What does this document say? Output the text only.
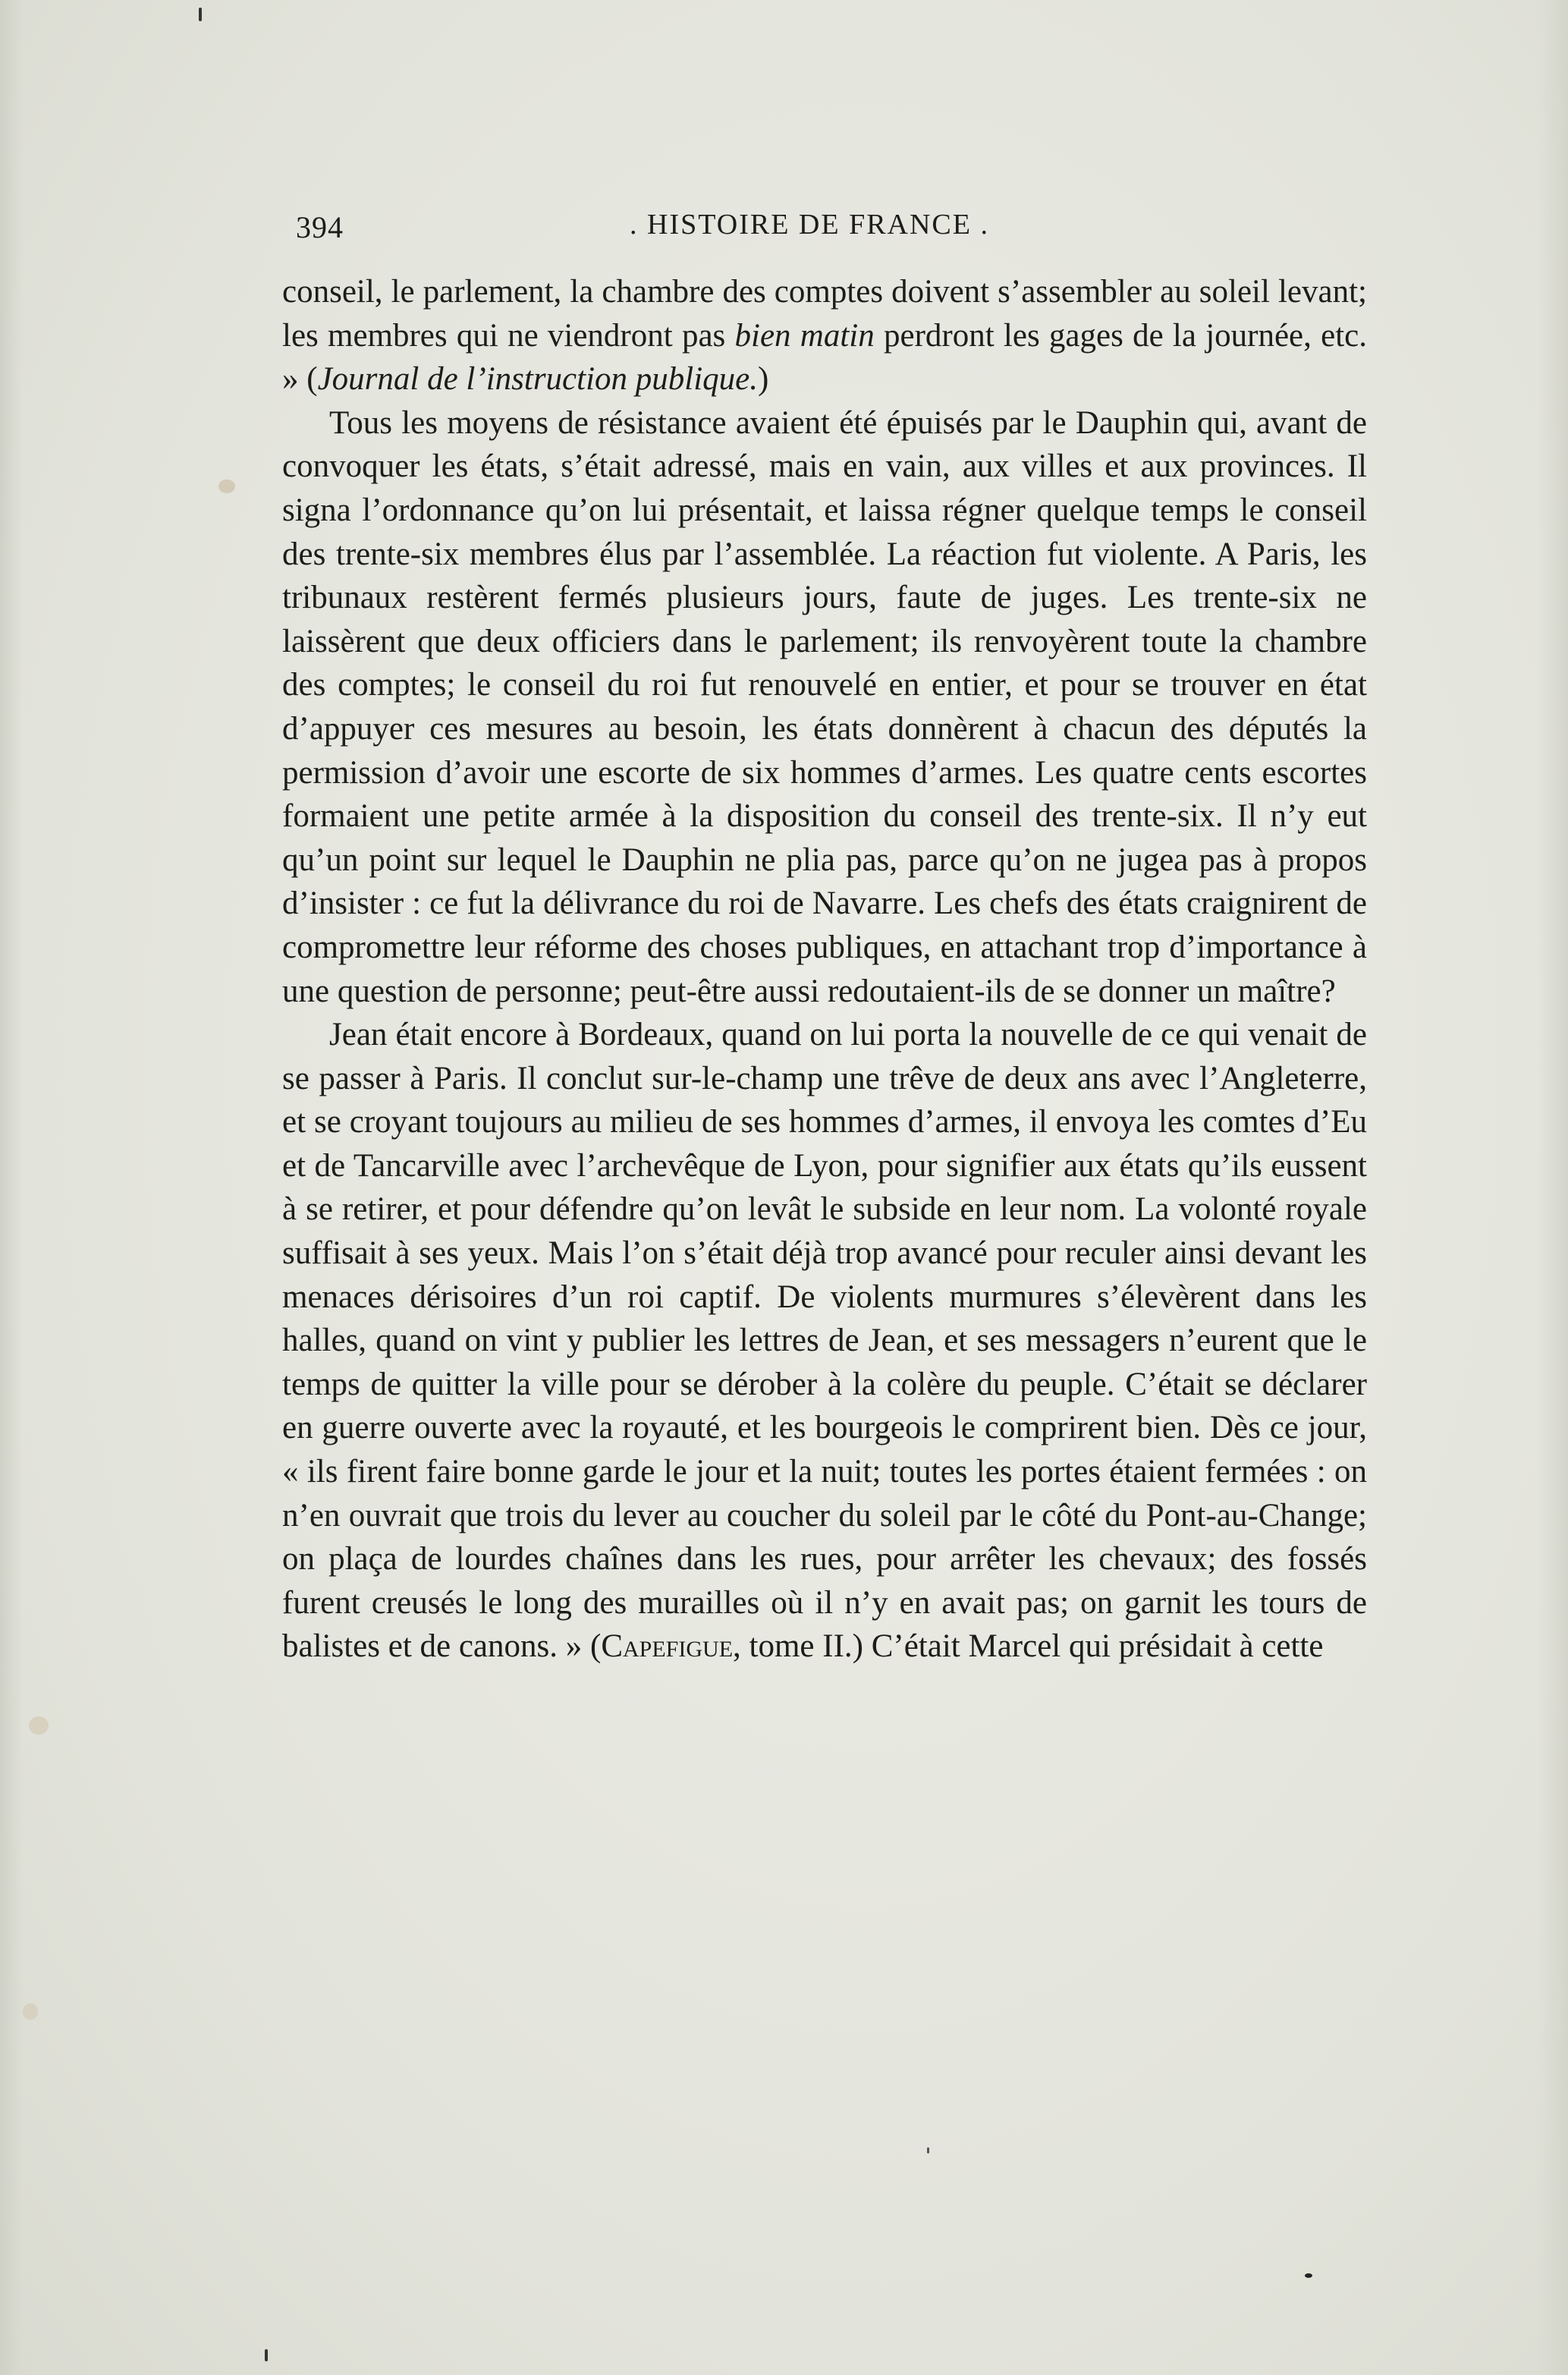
394	. HISTOIRE DE FRANCE .

conseil, le parlement, la chambre des comptes doivent s’assembler au soleil levant; les membres qui ne viendront pas bien matin perdront les gages de la journée, etc. » (Journal de l’instruction publique.)

Tous les moyens de résistance avaient été épuisés par le Dauphin qui, avant de convoquer les états, s’était adressé, mais en vain, aux villes et aux provinces. Il signa l’ordonnance qu’on lui présentait, et laissa régner quelque temps le conseil des trente-six membres élus par l’assemblée. La réaction fut violente. A Paris, les tribunaux restèrent fermés plusieurs jours, faute de juges. Les trente-six ne laissèrent que deux officiers dans le parlement; ils renvoyèrent toute la chambre des comptes; le conseil du roi fut renouvelé en entier, et pour se trouver en état d’appuyer ces mesures au besoin, les états donnèrent à chacun des députés la permission d’avoir une escorte de six hommes d’armes. Les quatre cents escortes formaient une petite armée à la disposition du conseil des trente-six. Il n’y eut qu’un point sur lequel le Dauphin ne plia pas, parce qu’on ne jugea pas à propos d’insister : ce fut la délivrance du roi de Navarre. Les chefs des états craignirent de compromettre leur réforme des choses publiques, en attachant trop d’importance à une question de personne; peut-être aussi redoutaient-ils de se donner un maître?

Jean était encore à Bordeaux, quand on lui porta la nouvelle de ce qui venait de se passer à Paris. Il conclut sur-le-champ une trêve de deux ans avec l’Angleterre, et se croyant toujours au milieu de ses hommes d’armes, il envoya les comtes d’Eu et de Tancarville avec l’archevêque de Lyon, pour signifier aux états qu’ils eussent à se retirer, et pour défendre qu’on levât le subside en leur nom. La volonté royale suffisait à ses yeux. Mais l’on s’était déjà trop avancé pour reculer ainsi devant les menaces dérisoires d’un roi captif. De violents murmures s’élevèrent dans les halles, quand on vint y publier les lettres de Jean, et ses messagers n’eurent que le temps de quitter la ville pour se dérober à la colère du peuple. C’était se déclarer en guerre ouverte avec la royauté, et les bourgeois le comprirent bien. Dès ce jour, « ils firent faire bonne garde le jour et la nuit; toutes les portes étaient fermées : on n’en ouvrait que trois du lever au coucher du soleil par le côté du Pont-au-Change; on plaça de lourdes chaînes dans les rues, pour arrêter les chevaux; des fossés furent creusés le long des murailles où il n’y en avait pas; on garnit les tours de balistes et de canons. » (Capefigue, tome II.) C’était Marcel qui présidait à cette
